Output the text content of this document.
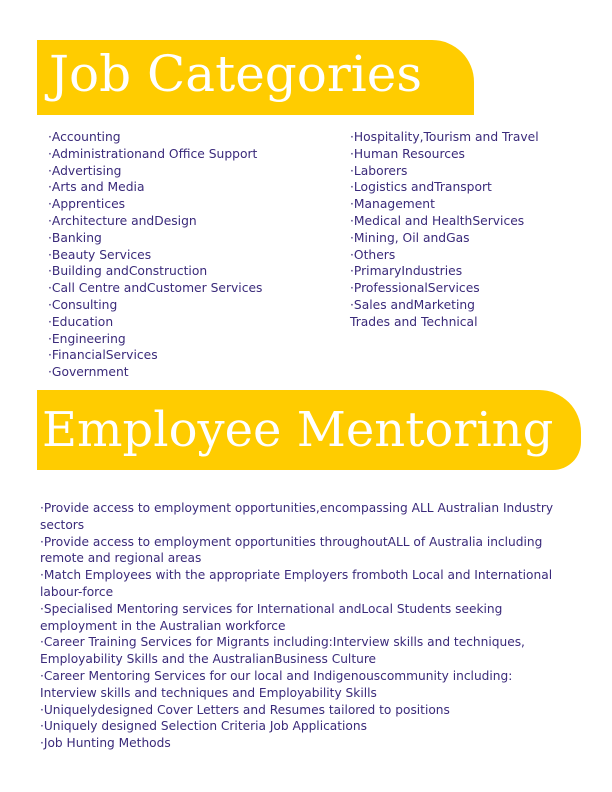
Job Categories
·Accounting
·Administrationand Office Support
·Advertising
·Arts and Media
·Apprentices
·Architecture andDesign
·Banking
·Beauty Services
·Building andConstruction
·Call Centre andCustomer Services
·Consulting
·Education
·Engineering
·FinancialServices
·Government
·Hospitality,Tourism and Travel
·Human Resources
·Laborers
·Logistics andTransport
·Management
·Medical and HealthServices
·Mining, Oil andGas
·Others
·PrimaryIndustries
·ProfessionalServices
·Sales andMarketing
Trades and Technical
Employee Mentoring
·Provide access to employment opportunities,encompassing ALL Australian Industry sectors
·Provide access to employment opportunities throughoutALL of Australia including remote and regional areas
·Match Employees with the appropriate Employers fromboth Local and International labour-force
·Specialised Mentoring services for International andLocal Students seeking employment in the Australian workforce
·Career Training Services for Migrants including:Interview skills and techniques, Employability Skills and the AustralianBusiness Culture
·Career Mentoring Services for our local and Indigenouscommunity including: Interview skills and techniques and Employability Skills
·Uniquelydesigned Cover Letters and Resumes tailored to positions
·Uniquely designed Selection Criteria Job Applications
·Job Hunting Methods
